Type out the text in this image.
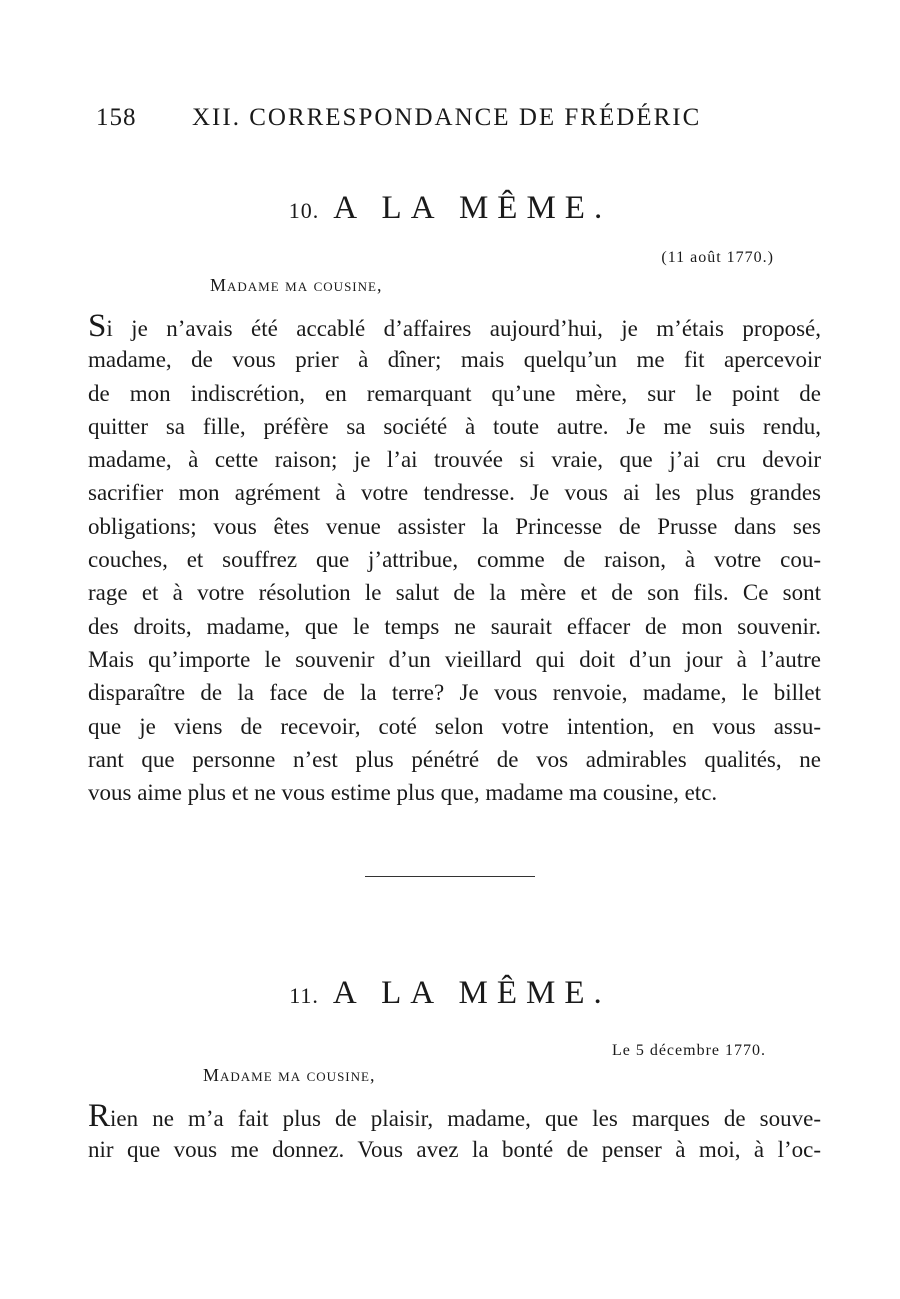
158 XII. CORRESPONDANCE DE FRÉDÉRIC
10. A LA MÊME.
(11 août 1770.)
Madame ma cousine,
Si je n’avais été accablé d’affaires aujourd’hui, je m’étais proposé,
madame, de vous prier à dîner; mais quelqu’un me fit apercevoir
de mon indiscrétion, en remarquant qu’une mère, sur le point de
quitter sa fille, préfère sa société à toute autre. Je me suis rendu,
madame, à cette raison; je l’ai trouvée si vraie, que j’ai cru devoir
sacrifier mon agrément à votre tendresse. Je vous ai les plus grandes
obligations; vous êtes venue assister la Princesse de Prusse dans ses
couches, et souffrez que j’attribue, comme de raison, à votre cou-
rage et à votre résolution le salut de la mère et de son fils. Ce sont
des droits, madame, que le temps ne saurait effacer de mon souvenir.
Mais qu’importe le souvenir d’un vieillard qui doit d’un jour à l’autre
disparaître de la face de la terre? Je vous renvoie, madame, le billet
que je viens de recevoir, coté selon votre intention, en vous assu-
rant que personne n’est plus pénétré de vos admirables qualités, ne
vous aime plus et ne vous estime plus que, madame ma cousine, etc.
11. A LA MÊME.
Le 5 décembre 1770.
Madame ma cousine,
Rien ne m’a fait plus de plaisir, madame, que les marques de souve-
nir que vous me donnez. Vous avez la bonté de penser à moi, à l’oc-
